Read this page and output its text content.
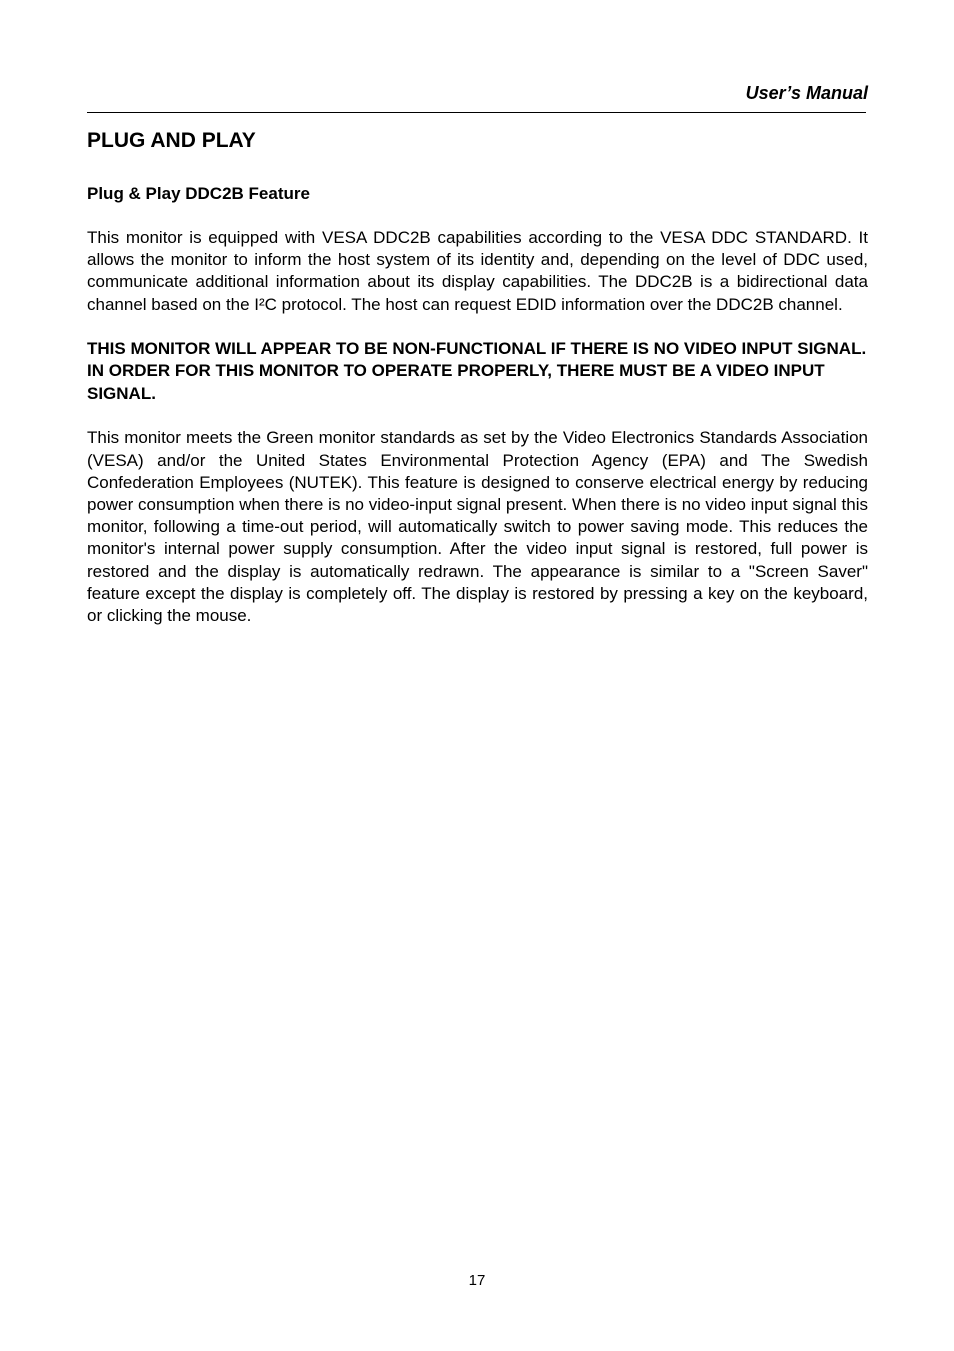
User’s Manual
PLUG AND PLAY
Plug & Play DDC2B Feature

This monitor is equipped with VESA DDC2B capabilities according to the VESA DDC STANDARD. It allows the monitor to inform the host system of its identity and, depending on the level of DDC used, communicate additional information about its display capabilities. The DDC2B is a bidirectional data channel based on the I²C protocol. The host can request EDID information over the DDC2B channel.

THIS MONITOR WILL APPEAR TO BE NON-FUNCTIONAL IF THERE IS NO VIDEO INPUT SIGNAL. IN ORDER FOR THIS MONITOR TO OPERATE PROPERLY, THERE MUST BE A VIDEO INPUT SIGNAL.

This monitor meets the Green monitor standards as set by the Video Electronics Standards Association (VESA) and/or the United States Environmental Protection Agency (EPA) and The Swedish Confederation Employees (NUTEK). This feature is designed to conserve electrical energy by reducing power consumption when there is no video-input signal present. When there is no video input signal this monitor, following a time-out period, will automatically switch to power saving mode. This reduces the monitor's internal power supply consumption. After the video input signal is restored, full power is restored and the display is automatically redrawn. The appearance is similar to a "Screen Saver" feature except the display is completely off. The display is restored by pressing a key on the keyboard, or clicking the mouse.

17
